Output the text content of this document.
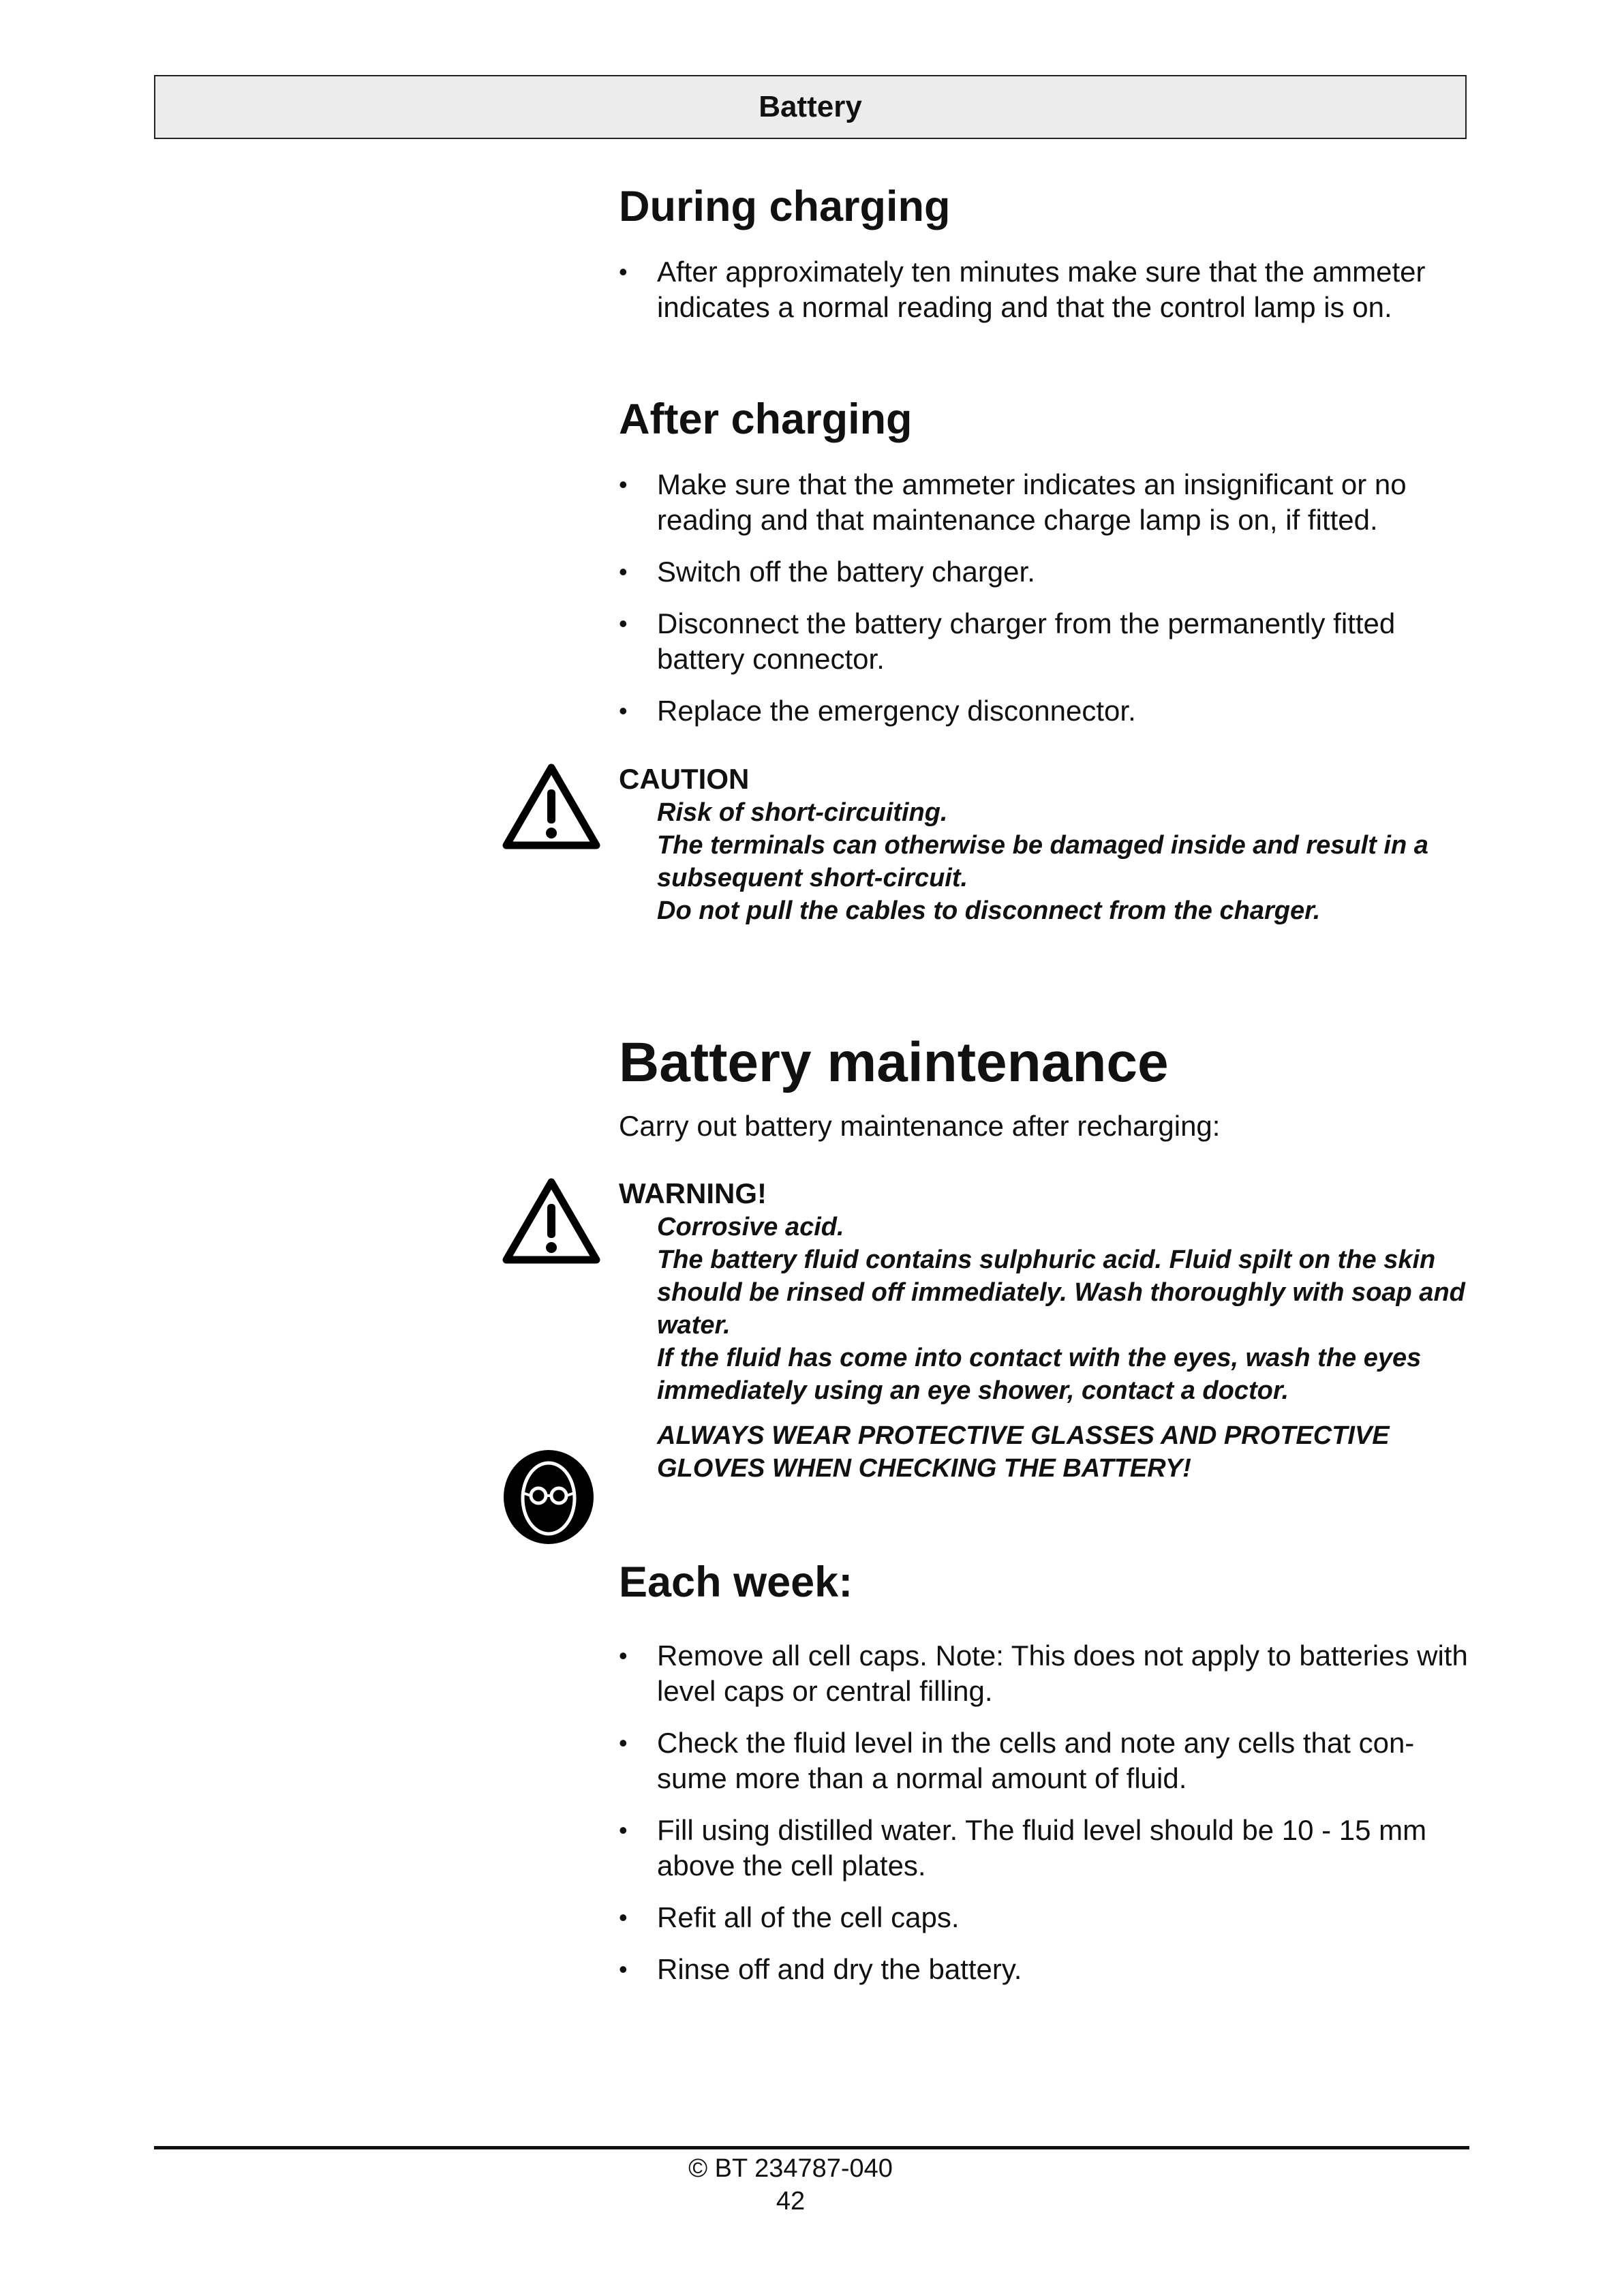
Battery
During charging
• After approximately ten minutes make sure that the ammeter indicates a normal reading and that the control lamp is on.
After charging
• Make sure that the ammeter indicates an insignificant or no reading and that maintenance charge lamp is on, if fitted.
• Switch off the battery charger.
• Disconnect the battery charger from the permanently fitted battery connector.
• Replace the emergency disconnector.
CAUTION
Risk of short-circuiting.
The terminals can otherwise be damaged inside and result in a subsequent short-circuit.
Do not pull the cables to disconnect from the charger.
Battery maintenance
Carry out battery maintenance after recharging:
WARNING!
Corrosive acid.
The battery fluid contains sulphuric acid. Fluid spilt on the skin should be rinsed off immediately. Wash thoroughly with soap and water.
If the fluid has come into contact with the eyes, wash the eyes immediately using an eye shower, contact a doctor.
ALWAYS WEAR PROTECTIVE GLASSES AND PROTECTIVE GLOVES WHEN CHECKING THE BATTERY!
Each week:
• Remove all cell caps. Note: This does not apply to batteries with level caps or central filling.
• Check the fluid level in the cells and note any cells that con-sume more than a normal amount of fluid.
• Fill using distilled water. The fluid level should be 10 - 15 mm above the cell plates.
• Refit all of the cell caps.
• Rinse off and dry the battery.
© BT 234787-040
42
